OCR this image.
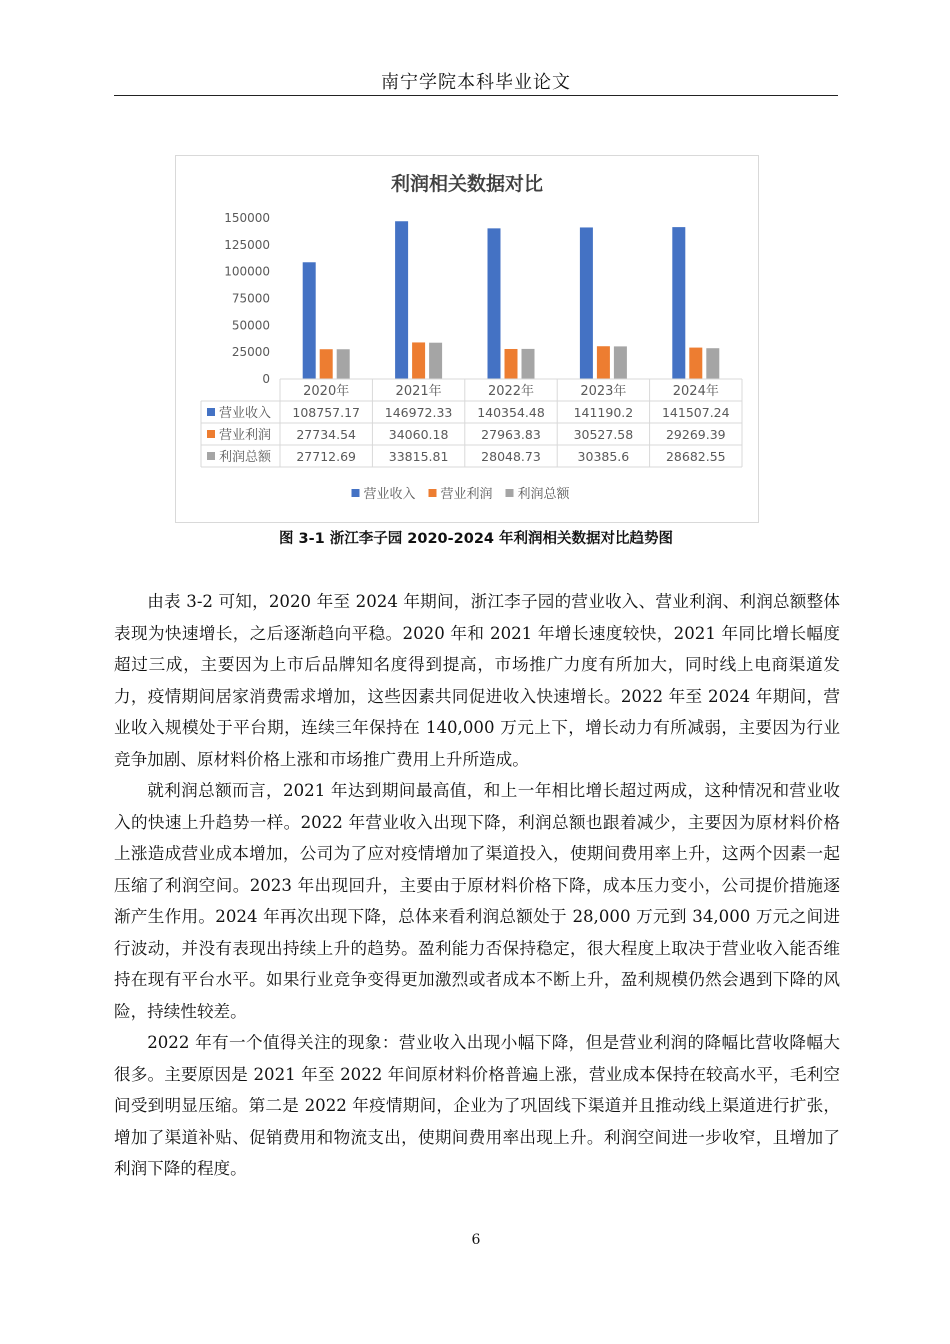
南宁学院本科毕业论文
利润相关数据对比
150000
125000
100000
75000
50000
25000
0
2020年	2021年	2022年	2023年	2024年
营业收入 108757.17 146972.33 140354.48 141190.2 141507.24
营业利润 27734.54	34060.18	27963.83	30527.58	29269.39
利润总额 27712.69	33815.81	28048.73	30385.6	28682.55
营业收入 营业利润 利润总额
图 3-1 浙江李子园 2020-2024 年利润相关数据对比趋势图

由表 3-2 可知，2020 年至 2024 年期间，浙江李子园的营业收入、营业利润、利润总额整体表现为快速增长，之后逐渐趋向平稳。2020 年和 2021 年增长速度较快，2021 年同比增长幅度超过三成，主要因为上市后品牌知名度得到提高，市场推广力度有所加大，同时线上电商渠道发力，疫情期间居家消费需求增加，这些因素共同促进收入快速增长。2022 年至 2024 年期间，营业收入规模处于平台期，连续三年保持在 140,000 万元上下，增长动力有所减弱，主要因为行业竞争加剧、原材料价格上涨和市场推广费用上升所造成。

就利润总额而言，2021 年达到期间最高值，和上一年相比增长超过两成，这种情况和营业收入的快速上升趋势一样。2022 年营业收入出现下降，利润总额也跟着减少，主要因为原材料价格上涨造成营业成本增加，公司为了应对疫情增加了渠道投入，使期间费用率上升，这两个因素一起压缩了利润空间。2023 年出现回升，主要由于原材料价格下降，成本压力变小，公司提价措施逐渐产生作用。2024 年再次出现下降，总体来看利润总额处于 28,000 万元到 34,000 万元之间进行波动，并没有表现出持续上升的趋势。盈利能力否保持稳定，很大程度上取决于营业收入能否维持在现有平台水平。如果行业竞争变得更加激烈或者成本不断上升，盈利规模仍然会遇到下降的风险，持续性较差。

2022 年有一个值得关注的现象：营业收入出现小幅下降，但是营业利润的降幅比营收降幅大很多。主要原因是 2021 年至 2022 年间原材料价格普遍上涨，营业成本保持在较高水平，毛利空间受到明显压缩。第二是 2022 年疫情期间，企业为了巩固线下渠道并且推动线上渠道进行扩张，增加了渠道补贴、促销费用和物流支出，使期间费用率出现上升。利润空间进一步收窄，且增加了利润下降的程度。

6
